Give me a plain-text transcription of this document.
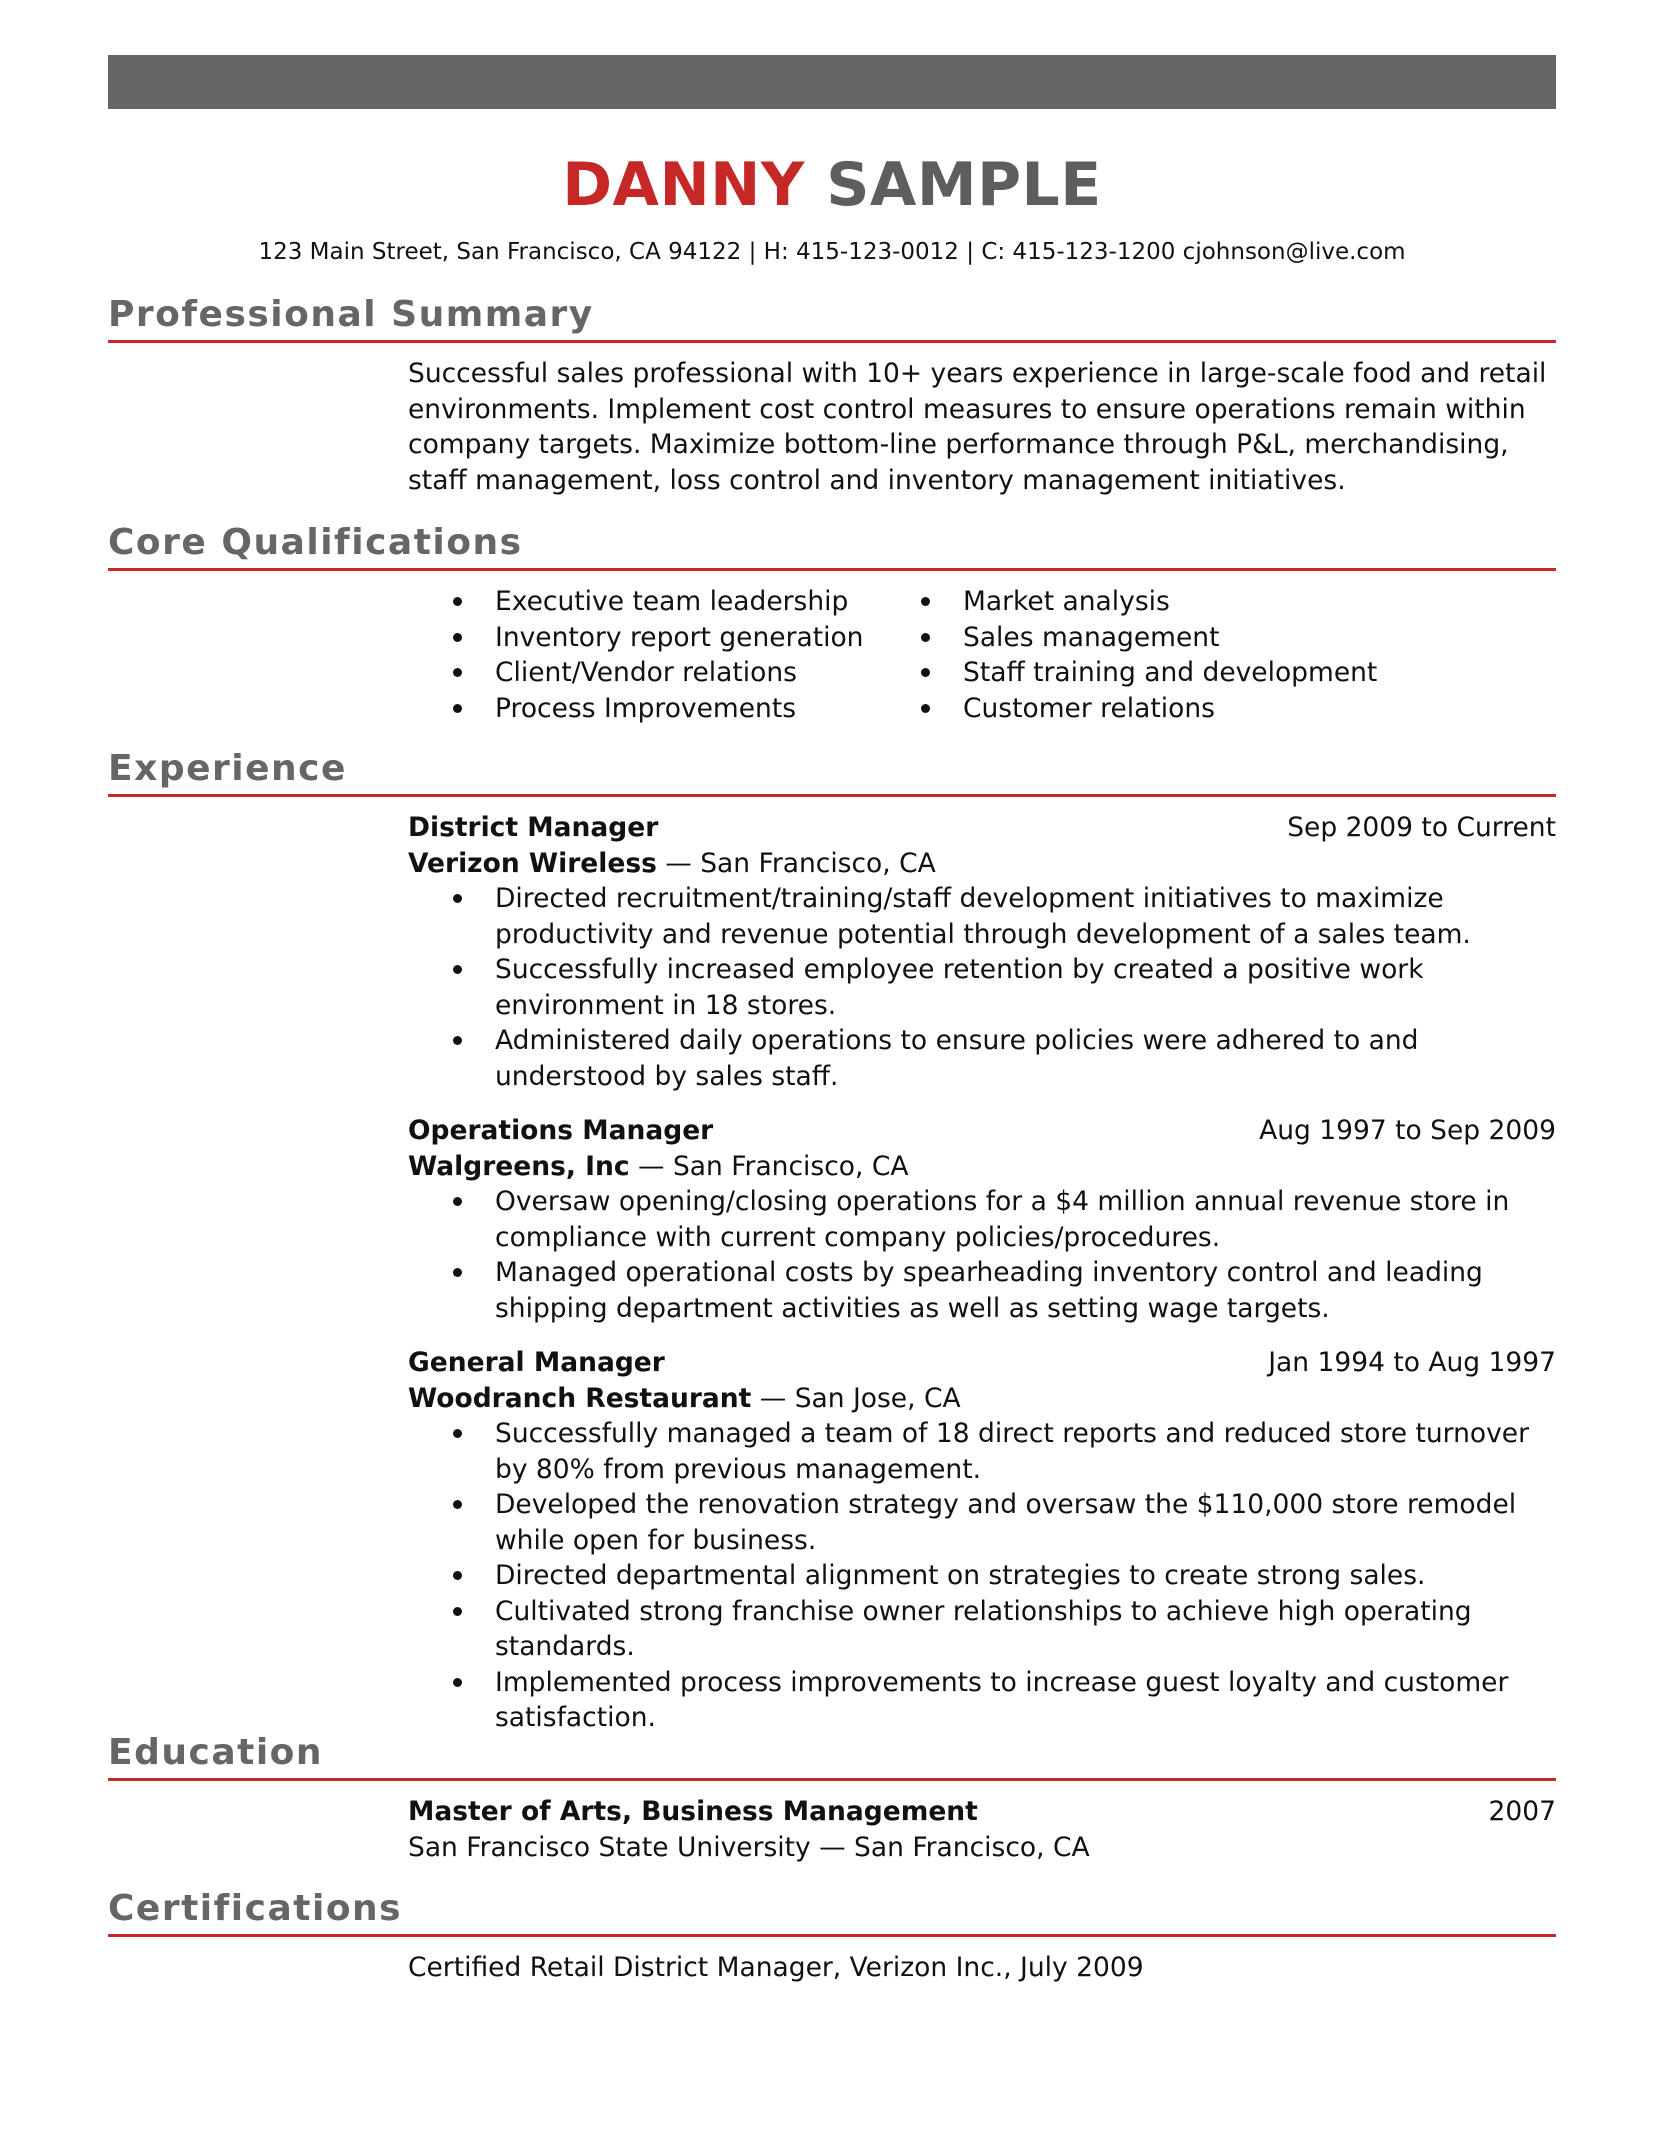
DANNY SAMPLE
123 Main Street, San Francisco, CA 94122 | H: 415-123-0012 | C: 415-123-1200 cjohnson@live.com
Professional Summary

Successful sales professional with 10+ years experience in large-scale food and retail environments. Implement cost control measures to ensure operations remain within company targets. Maximize bottom-line performance through P&L, merchandising, staff management, loss control and inventory management initiatives.

Core Qualifications
Executive team leadership
Inventory report generation
Client/Vendor relations
Process Improvements
Market analysis
Sales management
Staff training and development
Customer relations
Experience
District Manager	Sep 2009 to Current
Verizon Wireless — San Francisco, CA
Directed recruitment/training/staff development initiatives to maximize productivity and revenue potential through development of a sales team.
Successfully increased employee retention by created a positive work environment in 18 stores.
Administered daily operations to ensure policies were adhered to and understood by sales staff.
Operations Manager	Aug 1997 to Sep 2009
Walgreens, Inc — San Francisco, CA
Oversaw opening/closing operations for a $4 million annual revenue store in compliance with current company policies/procedures.
Managed operational costs by spearheading inventory control and leading shipping department activities as well as setting wage targets.
General Manager	Jan 1994 to Aug 1997
Woodranch Restaurant — San Jose, CA
Successfully managed a team of 18 direct reports and reduced store turnover by 80% from previous management.
Developed the renovation strategy and oversaw the $110,000 store remodel while open for business.
Directed departmental alignment on strategies to create strong sales.
Cultivated strong franchise owner relationships to achieve high operating standards.
Implemented process improvements to increase guest loyalty and customer satisfaction.
Education
Master of Arts, Business Management	2007
San Francisco State University — San Francisco, CA
Certifications

Certified Retail District Manager, Verizon Inc., July 2009
